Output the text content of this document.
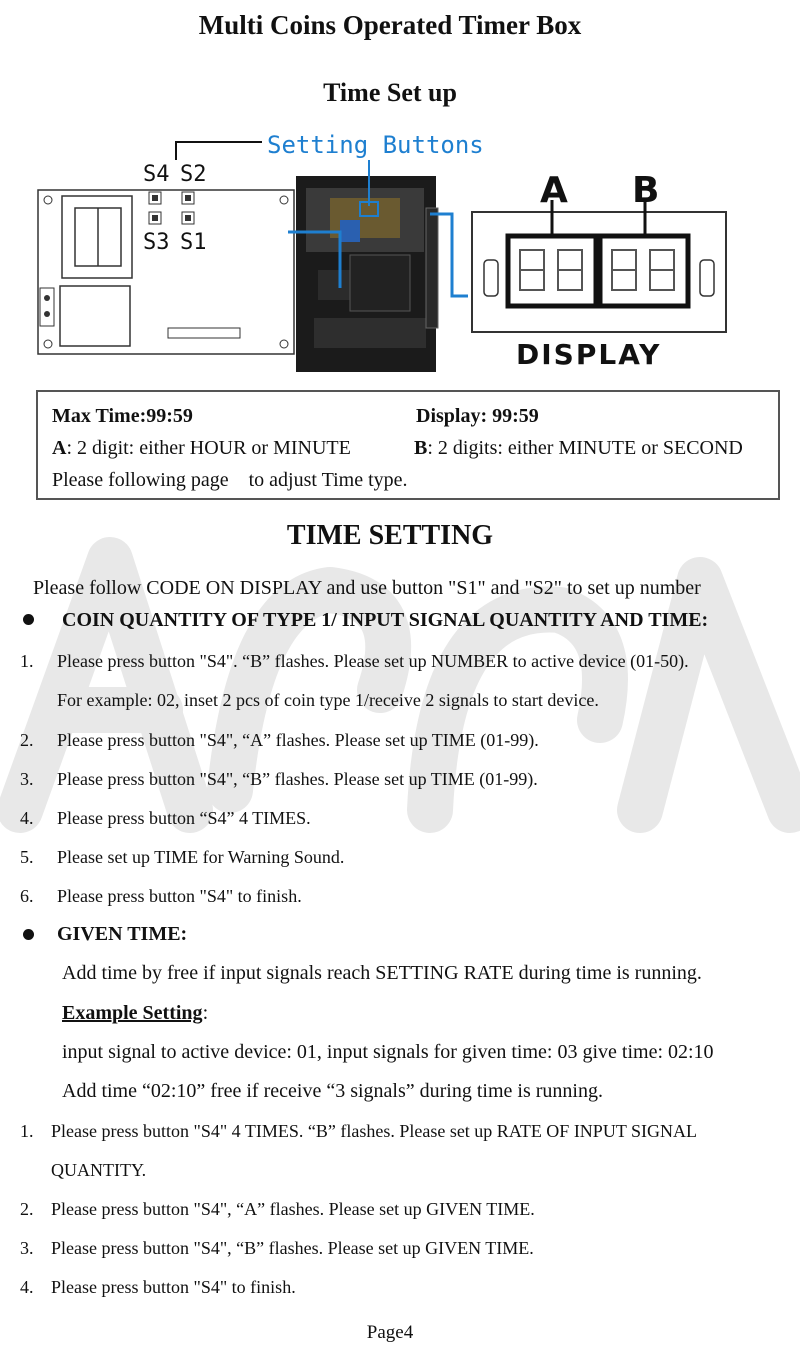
Multi Coins Operated Timer Box
Time Set up
Setting Buttons
S4 S2
S3 S1
A B
DISPLAY
Max Time:99:59	Display: 99:59
A: 2 digit: either HOUR or MINUTE	B: 2 digits: either MINUTE or SECOND
Please following page    to adjust Time type.
TIME SETTING
Please follow CODE ON DISPLAY and use button "S1" and "S2" to set up number
COIN QUANTITY OF TYPE 1/ INPUT SIGNAL QUANTITY AND TIME:
1. Please press button "S4". “B” flashes. Please set up NUMBER to active device (01-50).
For example: 02, inset 2 pcs of coin type 1/receive 2 signals to start device.
2. Please press button "S4", “A” flashes. Please set up TIME (01-99).
3. Please press button "S4", “B” flashes. Please set up TIME (01-99).
4. Please press button “S4” 4 TIMES.
5. Please set up TIME for Warning Sound.
6. Please press button "S4" to finish.
GIVEN TIME:
Add time by free if input signals reach SETTING RATE during time is running.
Example Setting:
input signal to active device: 01, input signals for given time: 03 give time: 02:10
Add time “02:10” free if receive “3 signals” during time is running.
1. Please press button "S4" 4 TIMES. “B” flashes. Please set up RATE OF INPUT SIGNAL
QUANTITY.
2. Please press button "S4", “A” flashes. Please set up GIVEN TIME.
3. Please press button "S4", “B” flashes. Please set up GIVEN TIME.
4. Please press button "S4" to finish.
Page4
